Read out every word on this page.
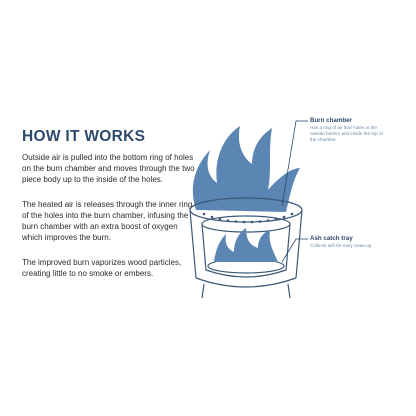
HOW IT WORKS

Outside air is pulled into the bottom ring of holes on the burn chamber and moves through the two piece body up to the inside of the holes.

The heated air is releases through the inner ring of the holes into the burn chamber, infusing the burn chamber with an extra boost of oxygen which improves the burn.

The improved burn vaporizes wood particles, creating little to no smoke or embers.

Burn chamber
Has a ring of air flow holes at the outside bottom and inside the top of the chamber.
Ash catch tray
Collects ash for easy clean up.
